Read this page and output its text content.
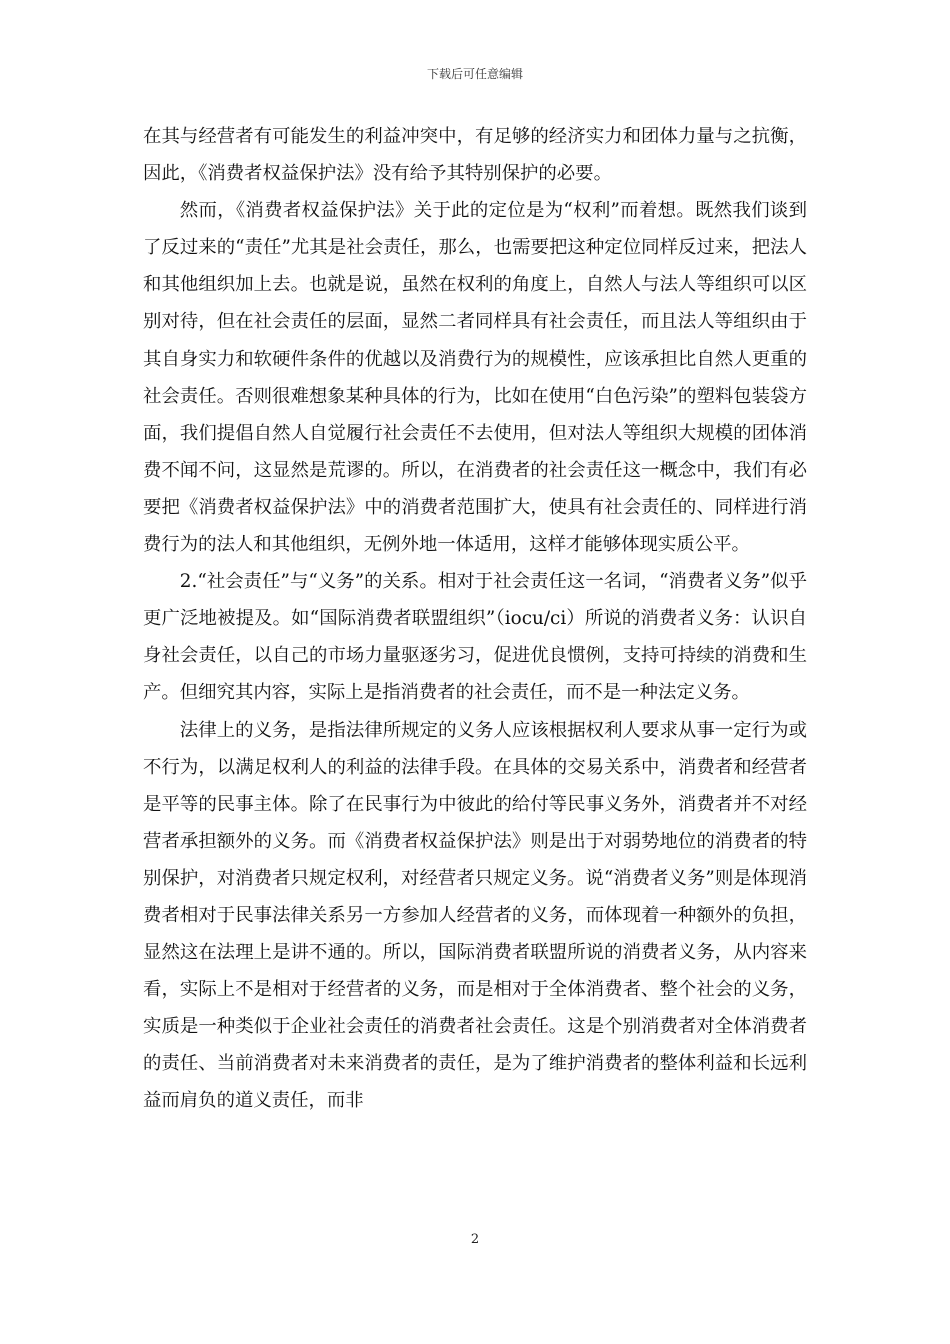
下载后可任意编辑

在其与经营者有可能发生的利益冲突中，有足够的经济实力和团体力量与之抗衡，因此，《消费者权益保护法》没有给予其特别保护的必要。

然而，《消费者权益保护法》关于此的定位是为“权利”而着想。既然我们谈到了反过来的“责任”尤其是社会责任，那么，也需要把这种定位同样反过来，把法人和其他组织加上去。也就是说，虽然在权利的角度上，自然人与法人等组织可以区别对待，但在社会责任的层面，显然二者同样具有社会责任，而且法人等组织由于其自身实力和软硬件条件的优越以及消费行为的规模性，应该承担比自然人更重的社会责任。否则很难想象某种具体的行为，比如在使用“白色污染”的塑料包装袋方面，我们提倡自然人自觉履行社会责任不去使用，但对法人等组织大规模的团体消费不闻不问，这显然是荒谬的。所以，在消费者的社会责任这一概念中，我们有必要把《消费者权益保护法》中的消费者范围扩大，使具有社会责任的、同样进行消费行为的法人和其他组织，无例外地一体适用，这样才能够体现实质公平。

2.“社会责任”与“义务”的关系。相对于社会责任这一名词，“消费者义务”似乎更广泛地被提及。如“国际消费者联盟组织”（iocu/ci）所说的消费者义务：认识自身社会责任，以自己的市场力量驱逐劣习，促进优良惯例，支持可持续的消费和生产。但细究其内容，实际上是指消费者的社会责任，而不是一种法定义务。

法律上的义务，是指法律所规定的义务人应该根据权利人要求从事一定行为或不行为，以满足权利人的利益的法律手段。在具体的交易关系中，消费者和经营者是平等的民事主体。除了在民事行为中彼此的给付等民事义务外，消费者并不对经营者承担额外的义务。而《消费者权益保护法》则是出于对弱势地位的消费者的特别保护，对消费者只规定权利，对经营者只规定义务。说“消费者义务”则是体现消费者相对于民事法律关系另一方参加人经营者的义务，而体现着一种额外的负担，显然这在法理上是讲不通的。所以，国际消费者联盟所说的消费者义务，从内容来看，实际上不是相对于经营者的义务，而是相对于全体消费者、整个社会的义务，实质是一种类似于企业社会责任的消费者社会责任。这是个别消费者对全体消费者的责任、当前消费者对未来消费者的责任，是为了维护消费者的整体利益和长远利益而肩负的道义责任，而非

2
